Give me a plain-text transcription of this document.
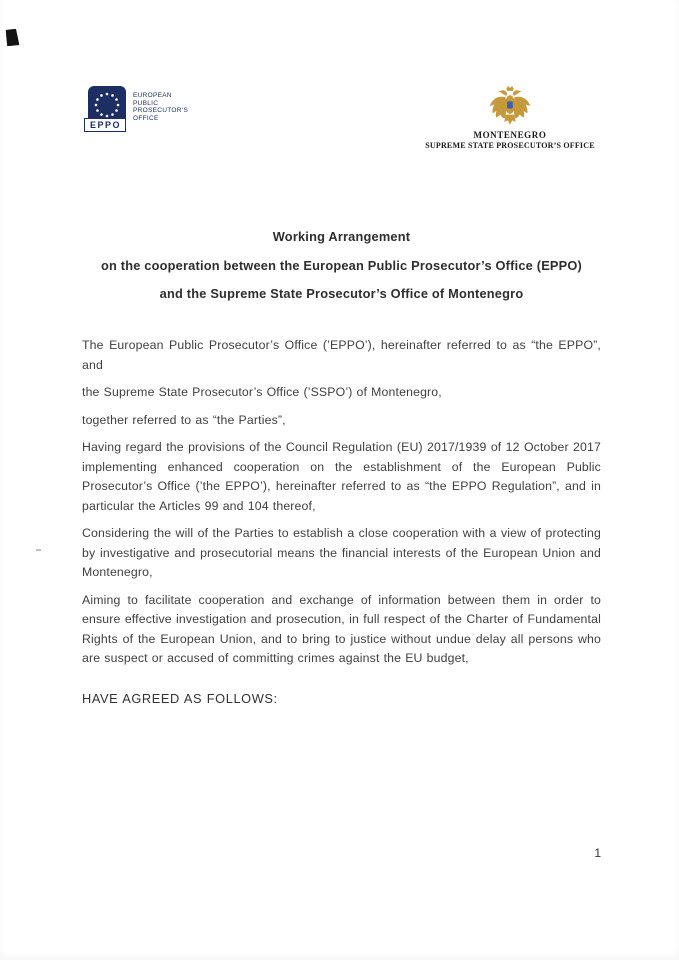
EPPO
EUROPEAN
PUBLIC
PROSECUTOR’S
OFFICE
MONTENEGRO
SUPREME STATE PROSECUTOR’S OFFICE
Working Arrangement
on the cooperation between the European Public Prosecutor’s Office (EPPO)
and the Supreme State Prosecutor’s Office of Montenegro

The European Public Prosecutor’s Office (’EPPO’), hereinafter referred to as “the EPPO”, and

the Supreme State Prosecutor’s Office (’SSPO’) of Montenegro,

together referred to as “the Parties”,

Having regard the provisions of the Council Regulation (EU) 2017/1939 of 12 October 2017 implementing enhanced cooperation on the establishment of the European Public Prosecutor’s Office (’the EPPO’), hereinafter referred to as “the EPPO Regulation”, and in particular the Articles 99 and 104 thereof,

Considering the will of the Parties to establish a close cooperation with a view of protecting by investigative and prosecutorial means the financial interests of the European Union and Montenegro,

Aiming to facilitate cooperation and exchange of information between them in order to ensure effective investigation and prosecution, in full respect of the Charter of Fundamental Rights of the European Union, and to bring to justice without undue delay all persons who are suspect or accused of committing crimes against the EU budget,

HAVE AGREED AS FOLLOWS:

1
